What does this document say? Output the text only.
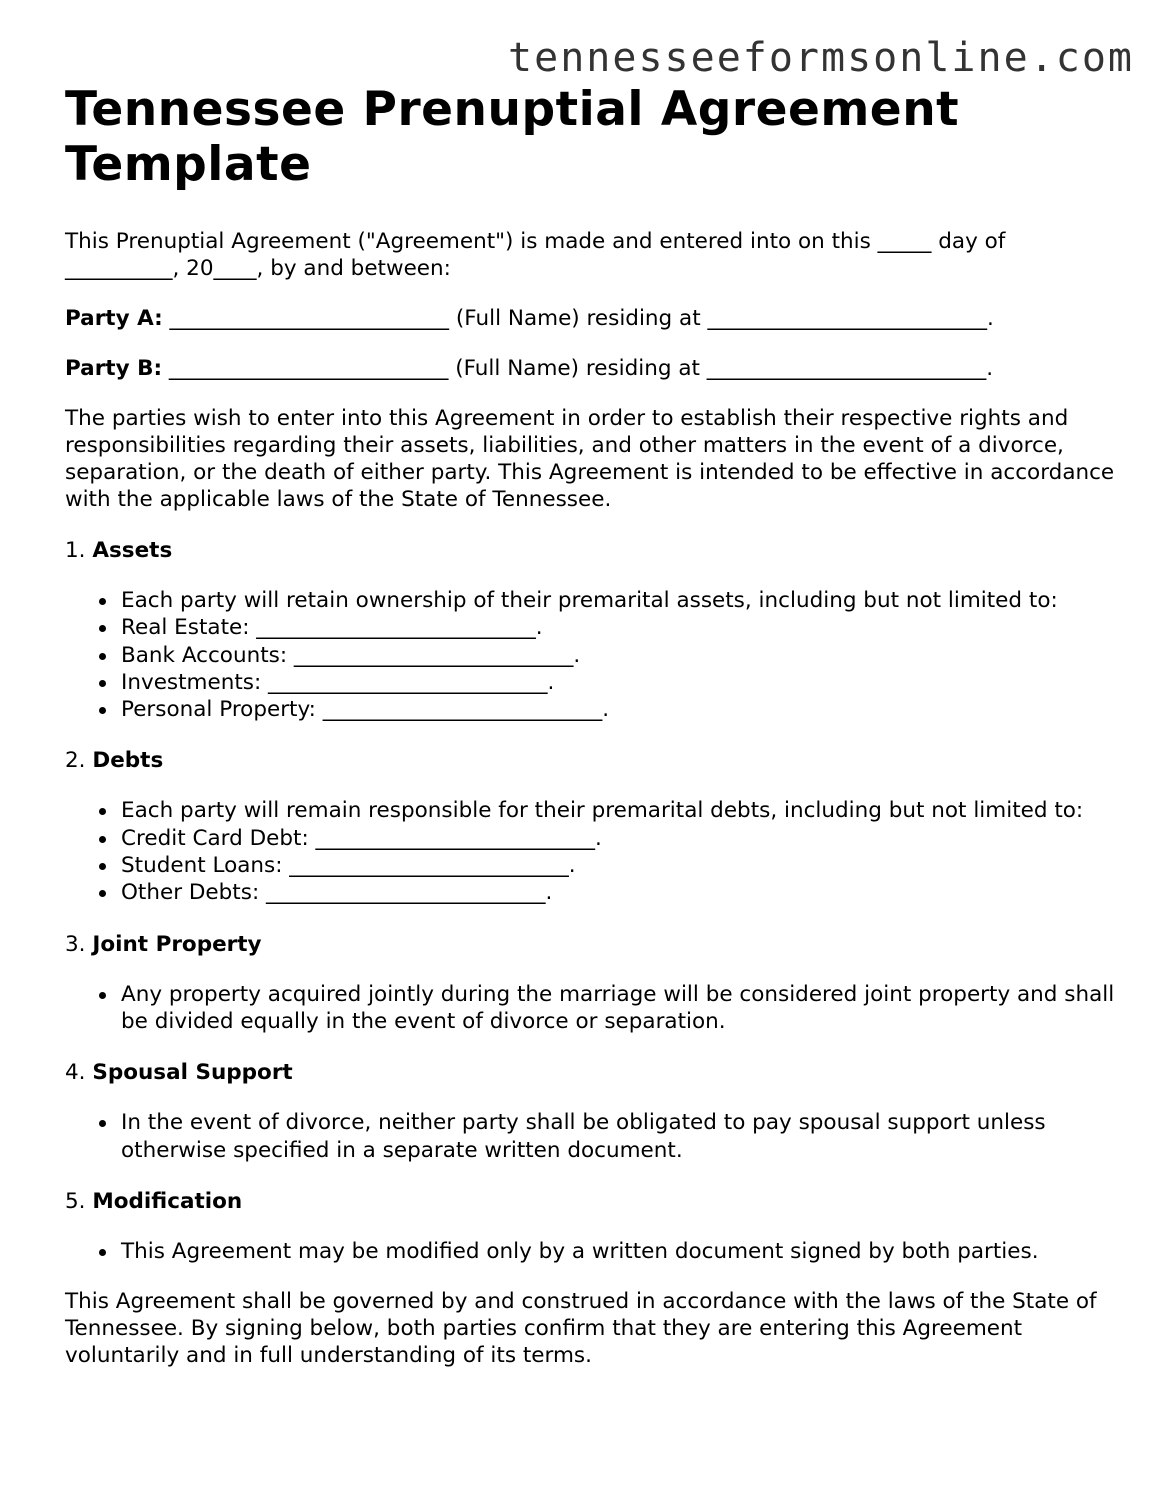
tennesseeformsonline.com
Tennessee Prenuptial Agreement Template

This Prenuptial Agreement ("Agreement") is made and entered into on this _____ day of __________, 20____, by and between:

Party A: __________________________ (Full Name) residing at __________________________.

Party B: __________________________ (Full Name) residing at __________________________.

The parties wish to enter into this Agreement in order to establish their respective rights and responsibilities regarding their assets, liabilities, and other matters in the event of a divorce, separation, or the death of either party. This Agreement is intended to be effective in accordance with the applicable laws of the State of Tennessee.

1. Assets
Each party will retain ownership of their premarital assets, including but not limited to:
Real Estate: __________________________.
Bank Accounts: __________________________.
Investments: __________________________.
Personal Property: __________________________.
2. Debts
Each party will remain responsible for their premarital debts, including but not limited to:
Credit Card Debt: __________________________.
Student Loans: __________________________.
Other Debts: __________________________.
3. Joint Property
Any property acquired jointly during the marriage will be considered joint property and shall be divided equally in the event of divorce or separation.
4. Spousal Support
In the event of divorce, neither party shall be obligated to pay spousal support unless otherwise specified in a separate written document.
5. Modification
This Agreement may be modified only by a written document signed by both parties.

This Agreement shall be governed by and construed in accordance with the laws of the State of Tennessee. By signing below, both parties confirm that they are entering this Agreement voluntarily and in full understanding of its terms.
